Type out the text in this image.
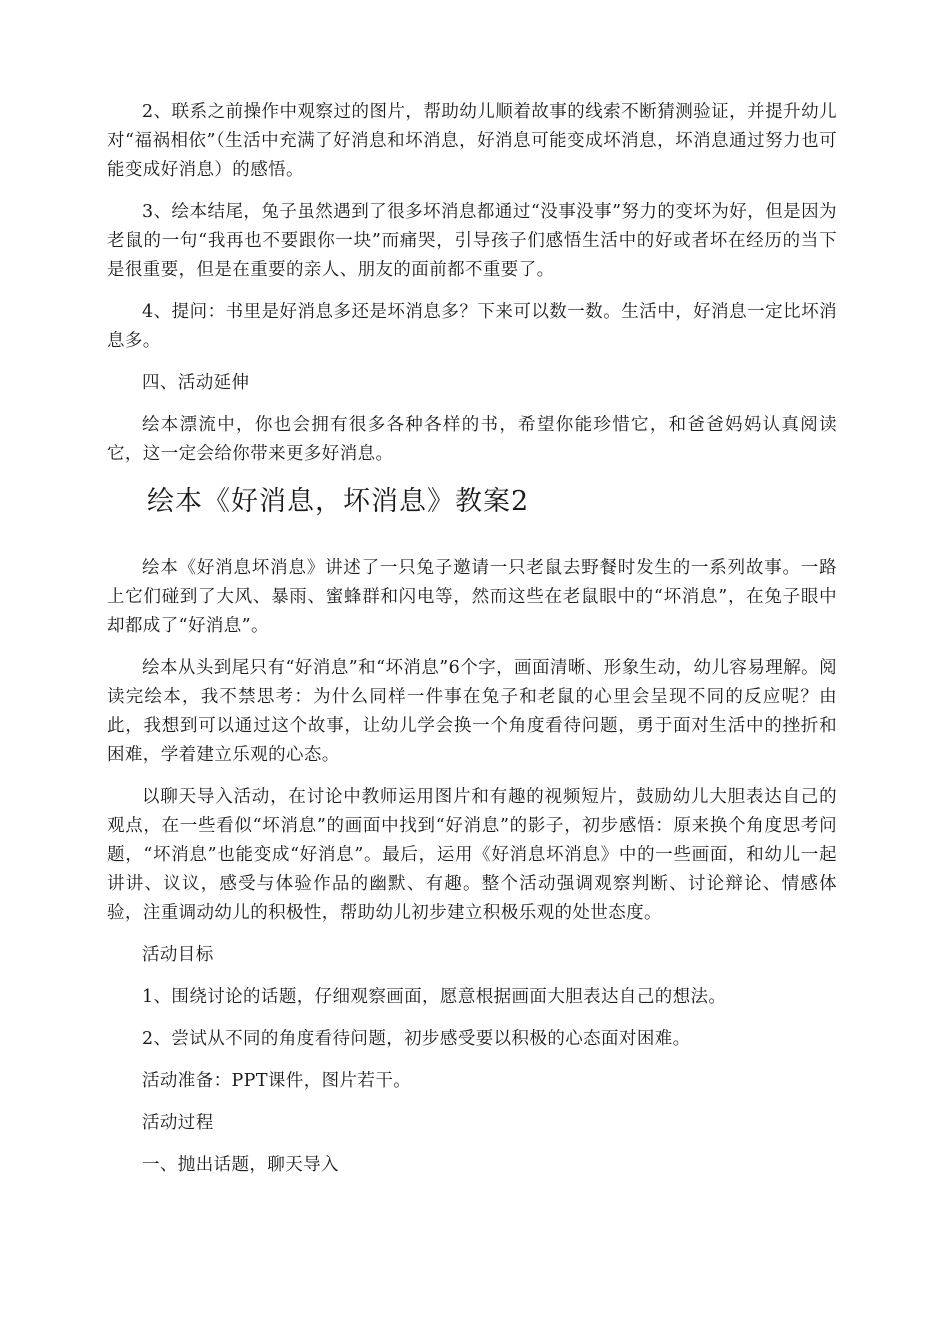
2、联系之前操作中观察过的图片，帮助幼儿顺着故事的线索不断猜测验证，并提升幼儿对“福祸相依”（生活中充满了好消息和坏消息，好消息可能变成坏消息，坏消息通过努力也可能变成好消息）的感悟。

3、绘本结尾，兔子虽然遇到了很多坏消息都通过“没事没事”努力的变坏为好，但是因为老鼠的一句“我再也不要跟你一块”而痛哭，引导孩子们感悟生活中的好或者坏在经历的当下是很重要，但是在重要的亲人、朋友的面前都不重要了。

4、提问：书里是好消息多还是坏消息多？下来可以数一数。生活中，好消息一定比坏消息多。

四、活动延伸

绘本漂流中，你也会拥有很多各种各样的书，希望你能珍惜它，和爸爸妈妈认真阅读它，这一定会给你带来更多好消息。

绘本《好消息，坏消息》教案2

绘本《好消息坏消息》讲述了一只兔子邀请一只老鼠去野餐时发生的一系列故事。一路上它们碰到了大风、暴雨、蜜蜂群和闪电等，然而这些在老鼠眼中的“坏消息”，在兔子眼中却都成了“好消息”。

绘本从头到尾只有“好消息”和“坏消息”6个字，画面清晰、形象生动，幼儿容易理解。阅读完绘本，我不禁思考：为什么同样一件事在兔子和老鼠的心里会呈现不同的反应呢？由此，我想到可以通过这个故事，让幼儿学会换一个角度看待问题，勇于面对生活中的挫折和困难，学着建立乐观的心态。

以聊天导入活动，在讨论中教师运用图片和有趣的视频短片，鼓励幼儿大胆表达自己的观点，在一些看似“坏消息”的画面中找到“好消息”的影子，初步感悟：原来换个角度思考问题，“坏消息”也能变成“好消息”。最后，运用《好消息坏消息》中的一些画面，和幼儿一起讲讲、议议，感受与体验作品的幽默、有趣。整个活动强调观察判断、讨论辩论、情感体验，注重调动幼儿的积极性，帮助幼儿初步建立积极乐观的处世态度。

活动目标

1、围绕讨论的话题，仔细观察画面，愿意根据画面大胆表达自己的想法。

2、尝试从不同的角度看待问题，初步感受要以积极的心态面对困难。

活动准备：PPT课件，图片若干。

活动过程

一、抛出话题，聊天导入
